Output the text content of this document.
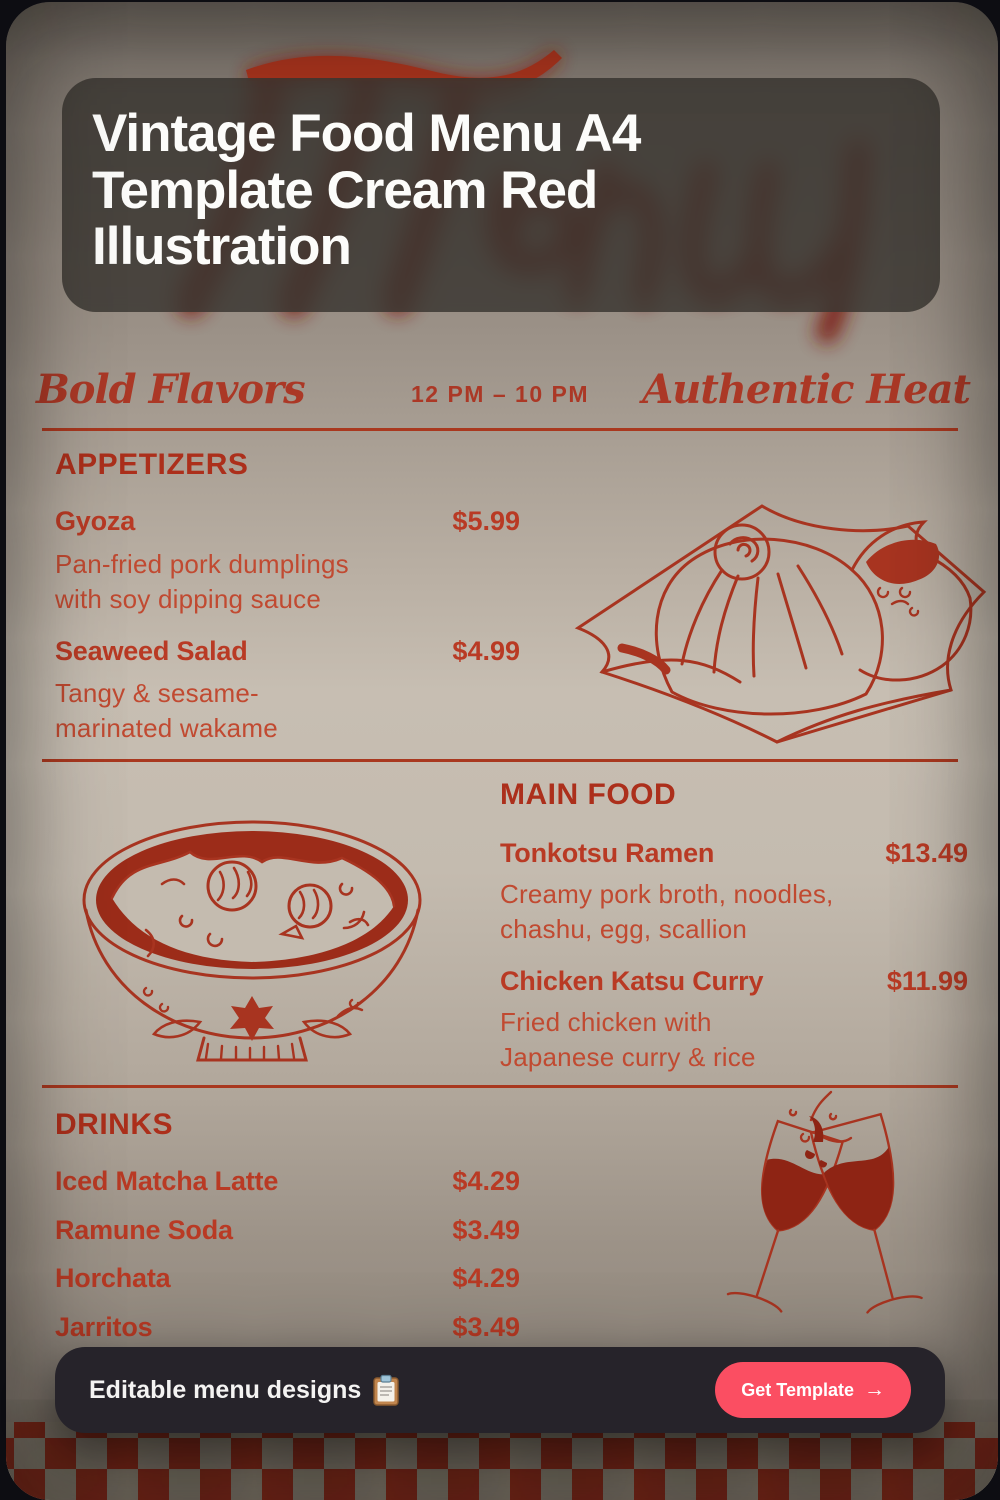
Vintage Food Menu A4 Template Cream Red Illustration
Bold Flavors	12 PM – 10 PM Authentic Heat
APPETIZERS
Gyoza	$5.99
Pan-fried pork dumplings
with soy dipping sauce
Seaweed Salad	$4.99
Tangy & sesame-
marinated wakame
MAIN FOOD
Tonkotsu Ramen	$13.49
Creamy pork broth, noodles,
chashu, egg, scallion
Chicken Katsu Curry	$11.99
Fried chicken with
Japanese curry & rice
DRINKS
Iced Matcha Latte	$4.29
Ramune Soda	$3.49
Horchata	$4.29
Jarritos	$3.49
Editable menu designs	Get Template →
